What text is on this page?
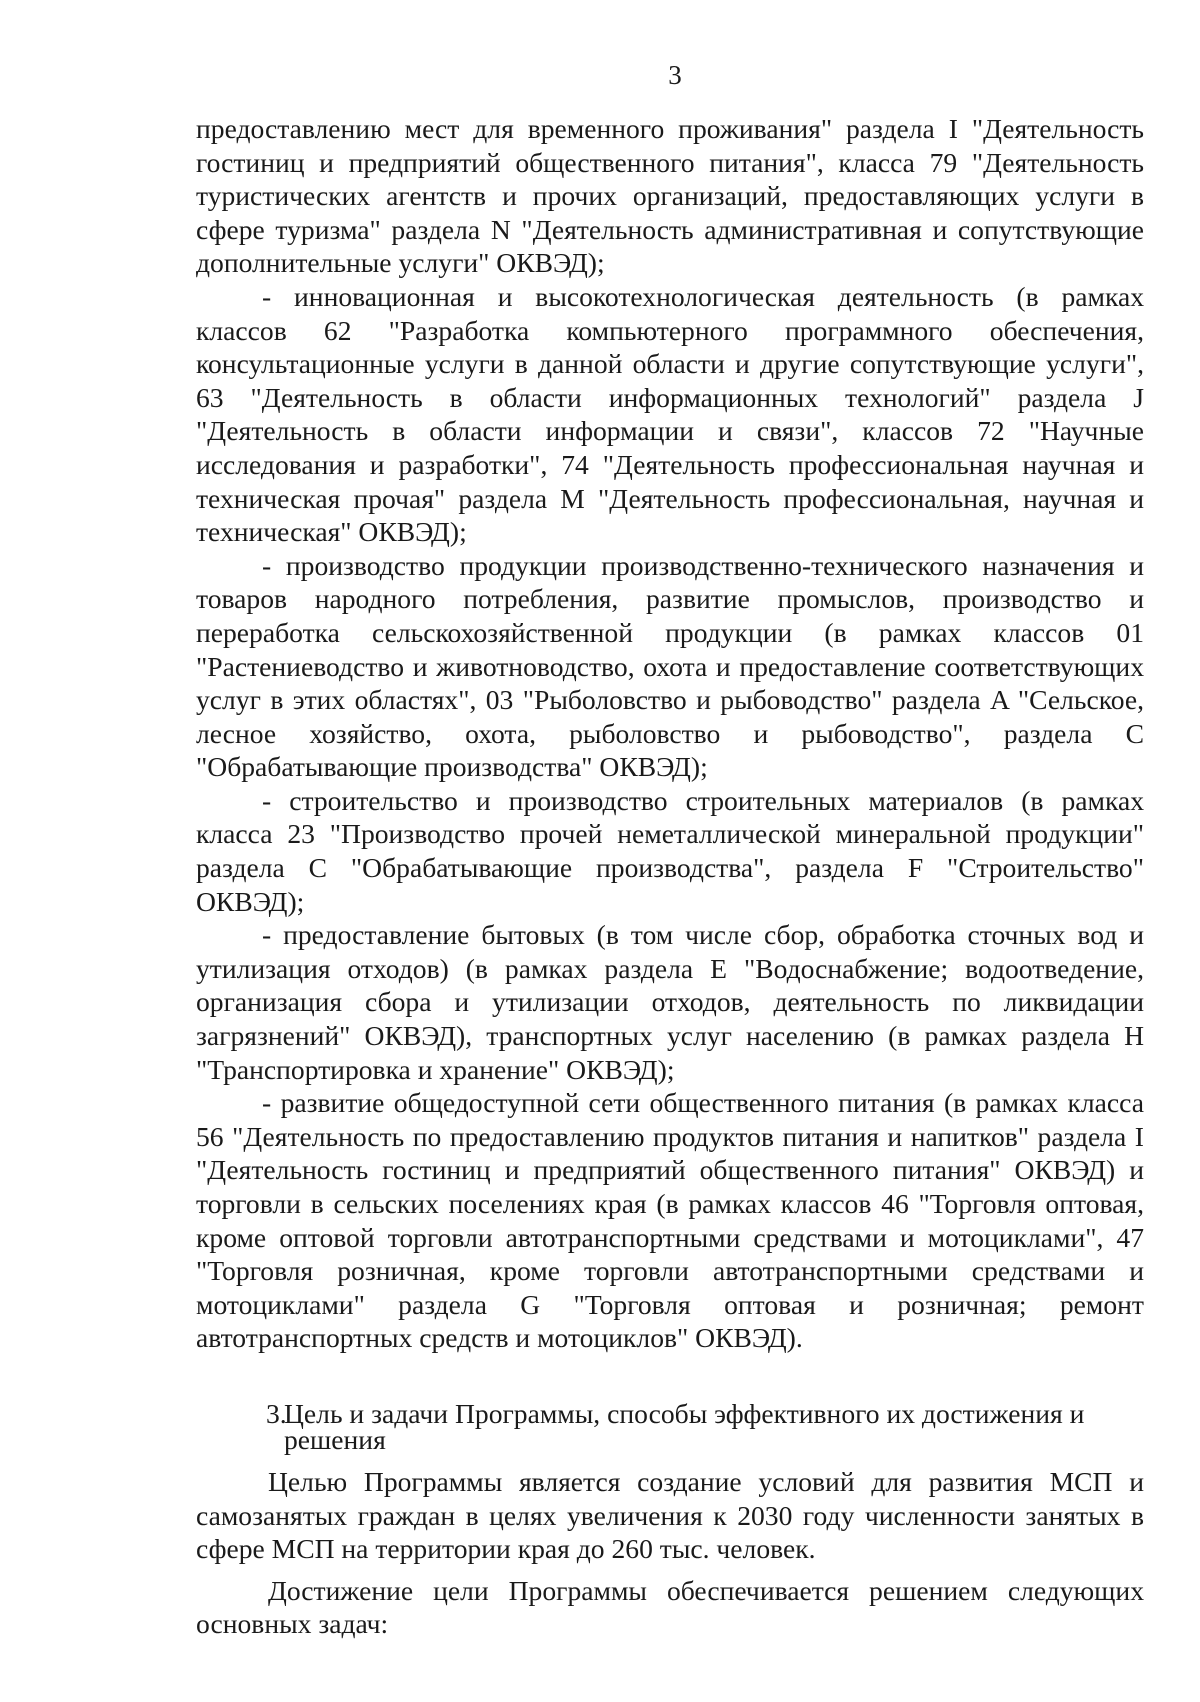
3

предоставлению мест для временного проживания" раздела I "Деятельность гостиниц и предприятий общественного питания", класса 79 "Деятельность туристических агентств и прочих организаций, предоставляющих услуги в сфере туризма" раздела N "Деятельность административная и сопутствующие дополнительные услуги" ОКВЭД);

- инновационная и высокотехнологическая деятельность (в рамках классов 62 "Разработка компьютерного программного обеспечения, консультационные услуги в данной области и другие сопутствующие услуги", 63 "Деятельность в области информационных технологий" раздела J "Деятельность в области информации и связи", классов 72 "Научные исследования и разработки", 74 "Деятельность профессиональная научная и техническая прочая" раздела M "Деятельность профессиональная, научная и техническая" ОКВЭД);

- производство продукции производственно-технического назначения и товаров народного потребления, развитие промыслов, производство и переработка сельскохозяйственной продукции (в рамках классов 01 "Растениеводство и животноводство, охота и предоставление соответствующих услуг в этих областях", 03 "Рыболовство и рыбоводство" раздела A "Сельское, лесное хозяйство, охота, рыболовство и рыбоводство", раздела C "Обрабатывающие производства" ОКВЭД);

- строительство и производство строительных материалов (в рамках класса 23 "Производство прочей неметаллической минеральной продукции" раздела C "Обрабатывающие производства", раздела F "Строительство" ОКВЭД);

- предоставление бытовых (в том числе сбор, обработка сточных вод и утилизация отходов) (в рамках раздела E "Водоснабжение; водоотведение, организация сбора и утилизации отходов, деятельность по ликвидации загрязнений" ОКВЭД), транспортных услуг населению (в рамках раздела H "Транспортировка и хранение" ОКВЭД);

- развитие общедоступной сети общественного питания (в рамках класса 56 "Деятельность по предоставлению продуктов питания и напитков" раздела I "Деятельность гостиниц и предприятий общественного питания" ОКВЭД) и торговли в сельских поселениях края (в рамках классов 46 "Торговля оптовая, кроме оптовой торговли автотранспортными средствами и мотоциклами", 47 "Торговля розничная, кроме торговли автотранспортными средствами и мотоциклами" раздела G "Торговля оптовая и розничная; ремонт автотранспортных средств и мотоциклов" ОКВЭД).

3.Цель и задачи Программы, способы эффективного их достижения и решения

Целью Программы является создание условий для развития МСП и самозанятых граждан в целях увеличения к 2030 году численности занятых в сфере МСП на территории края до 260 тыс. человек.

Достижение цели Программы обеспечивается решением следующих основных задач:
